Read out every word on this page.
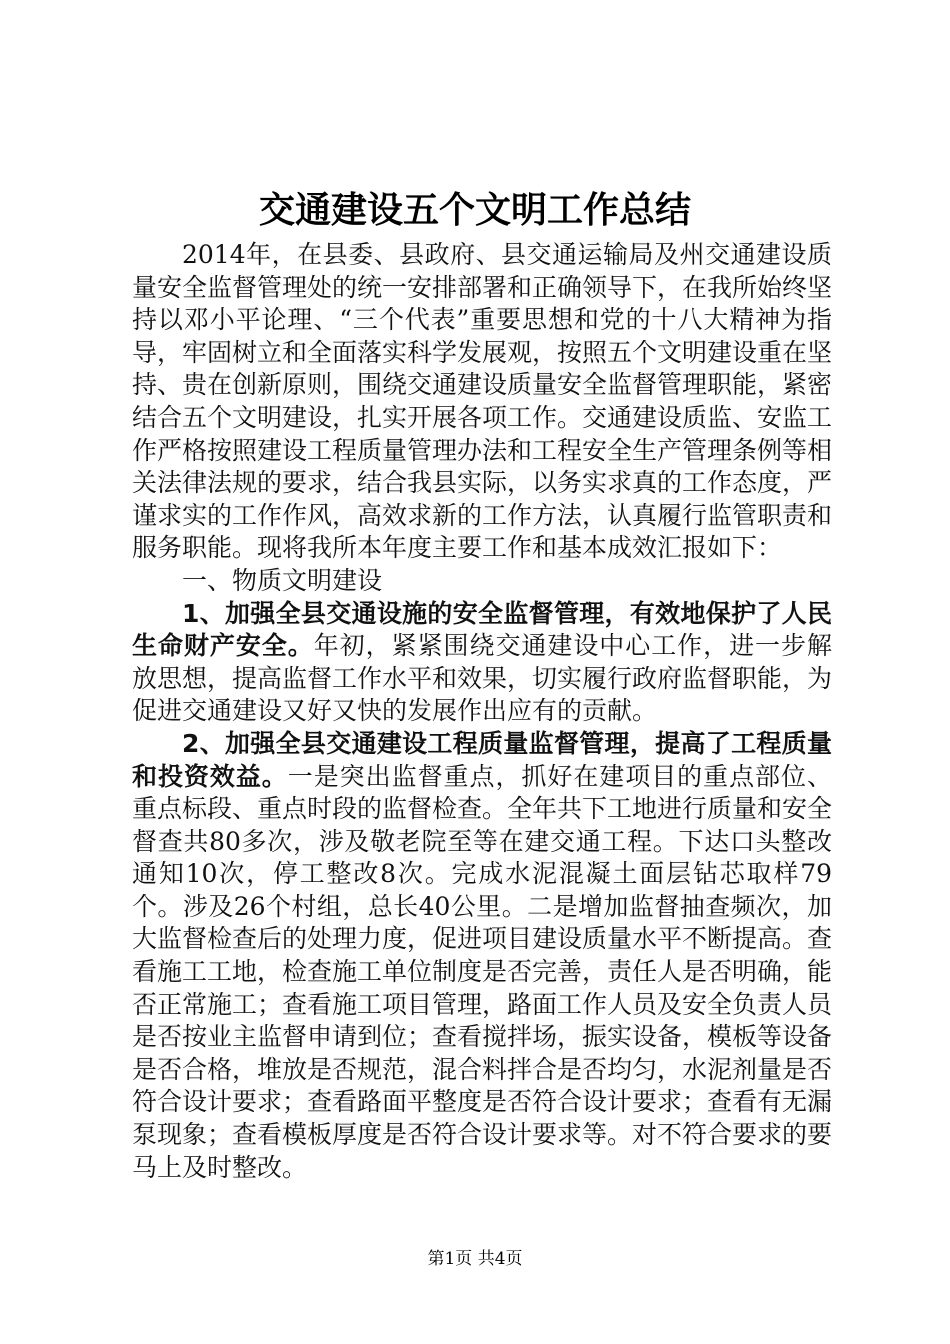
交通建设五个文明工作总结

2014年，在县委、县政府、县交通运输局及州交通建设质量安全监督管理处的统一安排部署和正确领导下，在我所始终坚持以邓小平论理、“三个代表”重要思想和党的十八大精神为指导，牢固树立和全面落实科学发展观，按照五个文明建设重在坚持、贵在创新原则，围绕交通建设质量安全监督管理职能，紧密结合五个文明建设，扎实开展各项工作。交通建设质监、安监工作严格按照建设工程质量管理办法和工程安全生产管理条例等相关法律法规的要求，结合我县实际，以务实求真的工作态度，严谨求实的工作作风，高效求新的工作方法，认真履行监管职责和服务职能。现将我所本年度主要工作和基本成效汇报如下：

一、物质文明建设

1、加强全县交通设施的安全监督管理，有效地保护了人民生命财产安全。年初，紧紧围绕交通建设中心工作，进一步解放思想，提高监督工作水平和效果，切实履行政府监督职能，为促进交通建设又好又快的发展作出应有的贡献。

2、加强全县交通建设工程质量监督管理，提高了工程质量和投资效益。一是突出监督重点，抓好在建项目的重点部位、重点标段、重点时段的监督检查。全年共下工地进行质量和安全督查共80多次，涉及敬老院至等在建交通工程。下达口头整改通知10次，停工整改8次。完成水泥混凝土面层钻芯取样79个。涉及26个村组，总长40公里。二是增加监督抽查频次，加大监督检查后的处理力度，促进项目建设质量水平不断提高。查看施工工地，检查施工单位制度是否完善，责任人是否明确，能否正常施工；查看施工项目管理，路面工作人员及安全负责人员是否按业主监督申请到位；查看搅拌场，振实设备，模板等设备是否合格，堆放是否规范，混合料拌合是否均匀，水泥剂量是否符合设计要求；查看路面平整度是否符合设计要求；查看有无漏泵现象；查看模板厚度是否符合设计要求等。对不符合要求的要马上及时整改。

第1页 共4页
